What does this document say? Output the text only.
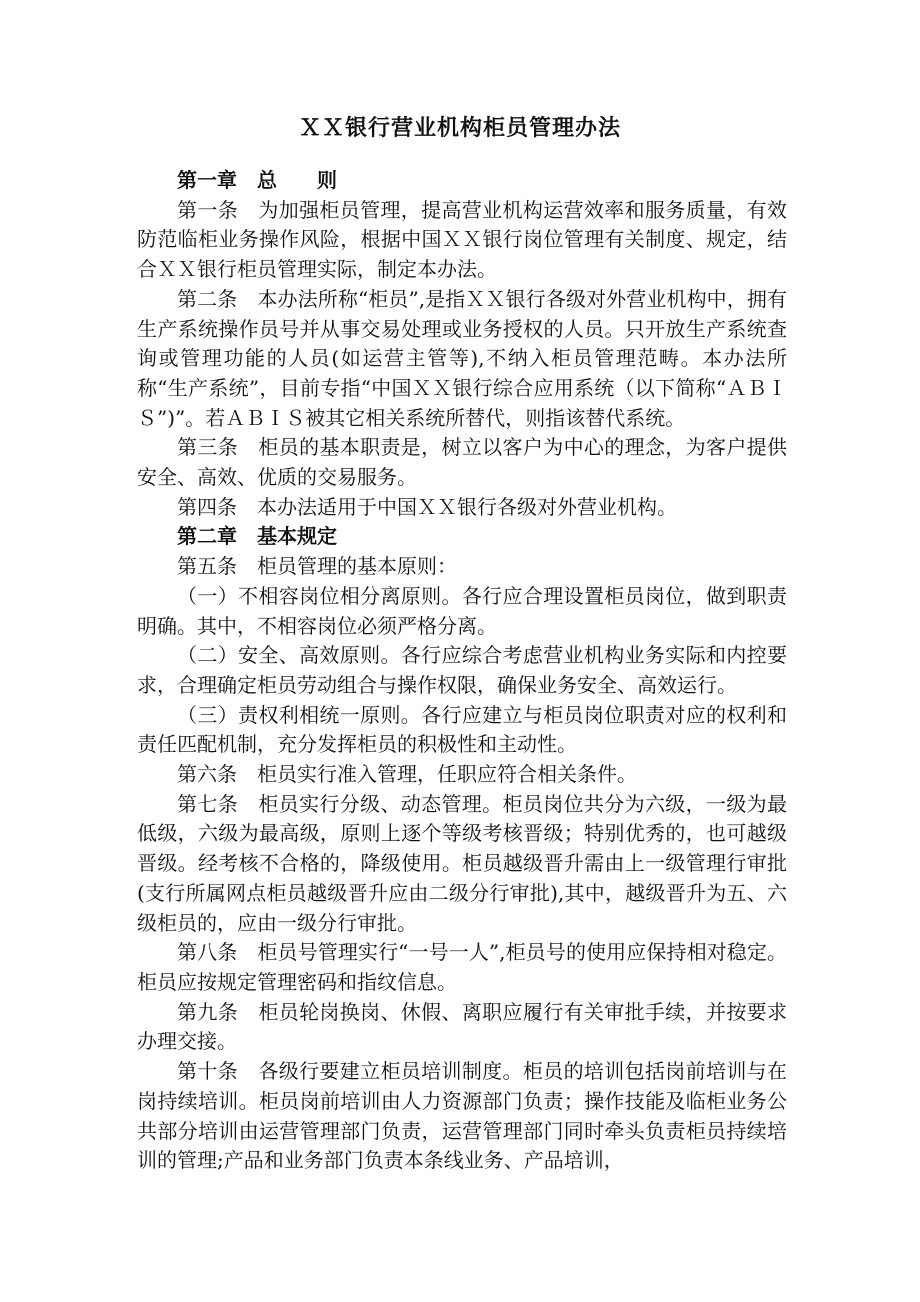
ＸＸ银行营业机构柜员管理办法

第一章 总　　则

第一条 为加强柜员管理，提高营业机构运营效率和服务质量，有效防范临柜业务操作风险，根据中国ＸＸ银行岗位管理有关制度、规定，结合ＸＸ银行柜员管理实际，制定本办法。

第二条 本办法所称“柜员”,是指ＸＸ银行各级对外营业机构中，拥有生产系统操作员号并从事交易处理或业务授权的人员。只开放生产系统查询或管理功能的人员(如运营主管等),不纳入柜员管理范畴。本办法所称“生产系统”，目前专指“中国ＸＸ银行综合应用系统（以下简称“ＡＢＩＳ”)”。若ＡＢＩＳ被其它相关系统所替代，则指该替代系统。

第三条 柜员的基本职责是，树立以客户为中心的理念，为客户提供安全、高效、优质的交易服务。

第四条 本办法适用于中国ＸＸ银行各级对外营业机构。

第二章 基本规定

第五条 柜员管理的基本原则：

（一）不相容岗位相分离原则。各行应合理设置柜员岗位，做到职责明确。其中，不相容岗位必须严格分离。

（二）安全、高效原则。各行应综合考虑营业机构业务实际和内控要求，合理确定柜员劳动组合与操作权限，确保业务安全、高效运行。

（三）责权利相统一原则。各行应建立与柜员岗位职责对应的权利和责任匹配机制，充分发挥柜员的积极性和主动性。

第六条 柜员实行准入管理，任职应符合相关条件。

第七条 柜员实行分级、动态管理。柜员岗位共分为六级，一级为最低级，六级为最高级，原则上逐个等级考核晋级；特别优秀的，也可越级晋级。经考核不合格的，降级使用。柜员越级晋升需由上一级管理行审批(支行所属网点柜员越级晋升应由二级分行审批),其中，越级晋升为五、六级柜员的，应由一级分行审批。

第八条 柜员号管理实行“一号一人”,柜员号的使用应保持相对稳定。柜员应按规定管理密码和指纹信息。

第九条 柜员轮岗换岗、休假、离职应履行有关审批手续，并按要求办理交接。

第十条 各级行要建立柜员培训制度。柜员的培训包括岗前培训与在岗持续培训。柜员岗前培训由人力资源部门负责；操作技能及临柜业务公共部分培训由运营管理部门负责，运营管理部门同时牵头负责柜员持续培训的管理;产品和业务部门负责本条线业务、产品培训，
